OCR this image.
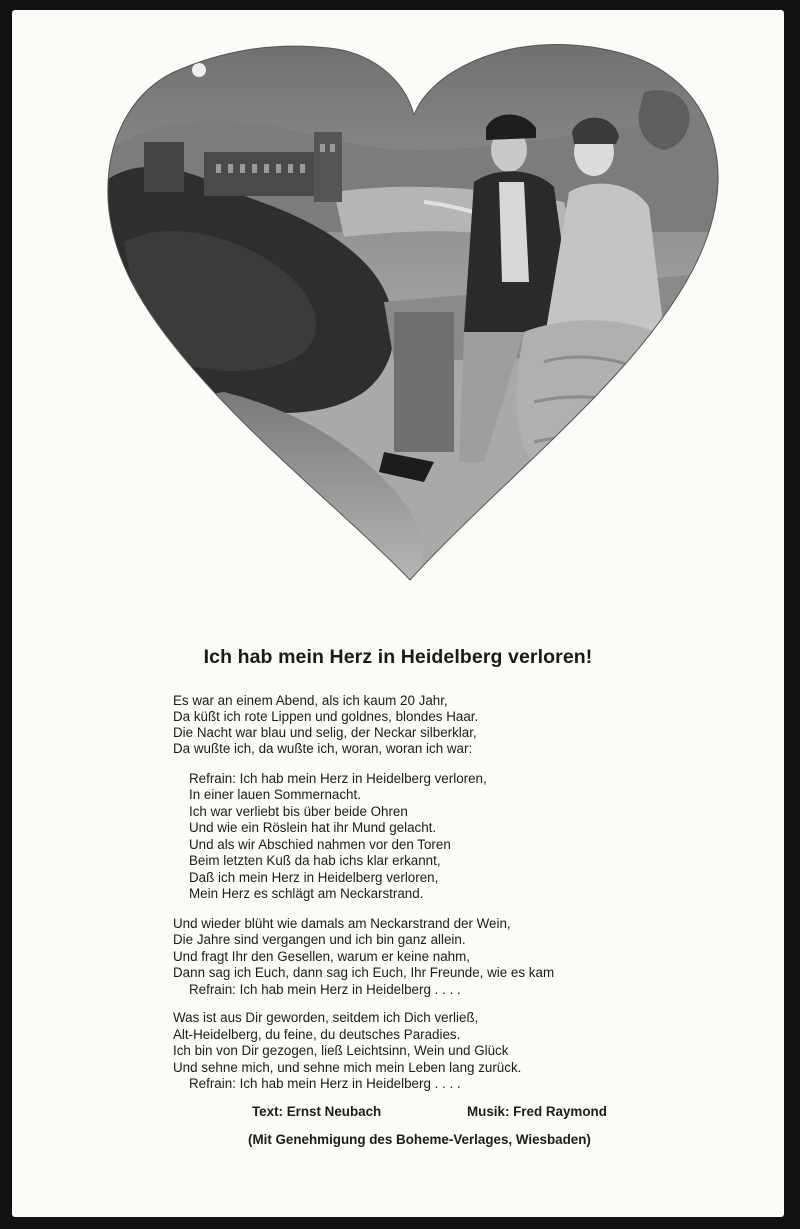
Ich hab mein Herz in Heidelberg verloren!
Es war an einem Abend, als ich kaum 20 Jahr,
Da küßt ich rote Lippen und goldnes, blondes Haar.
Die Nacht war blau und selig, der Neckar silberklar,
Da wußte ich, da wußte ich, woran, woran ich war:
Refrain: Ich hab mein Herz in Heidelberg verloren,
In einer lauen Sommernacht.
Ich war verliebt bis über beide Ohren
Und wie ein Röslein hat ihr Mund gelacht.
Und als wir Abschied nahmen vor den Toren
Beim letzten Kuß da hab ichs klar erkannt,
Daß ich mein Herz in Heidelberg verloren,
Mein Herz es schlägt am Neckarstrand.
Und wieder blüht wie damals am Neckarstrand der Wein,
Die Jahre sind vergangen und ich bin ganz allein.
Und fragt Ihr den Gesellen, warum er keine nahm,
Dann sag ich Euch, dann sag ich Euch, Ihr Freunde, wie es kam
Refrain: Ich hab mein Herz in Heidelberg . . . .
Was ist aus Dir geworden, seitdem ich Dich verließ,
Alt-Heidelberg, du feine, du deutsches Paradies.
Ich bin von Dir gezogen, ließ Leichtsinn, Wein und Glück
Und sehne mich, und sehne mich mein Leben lang zurück.
Refrain: Ich hab mein Herz in Heidelberg . . . .
Text: Ernst Neubach	Musik: Fred Raymond
(Mit Genehmigung des Boheme-Verlages, Wiesbaden)
